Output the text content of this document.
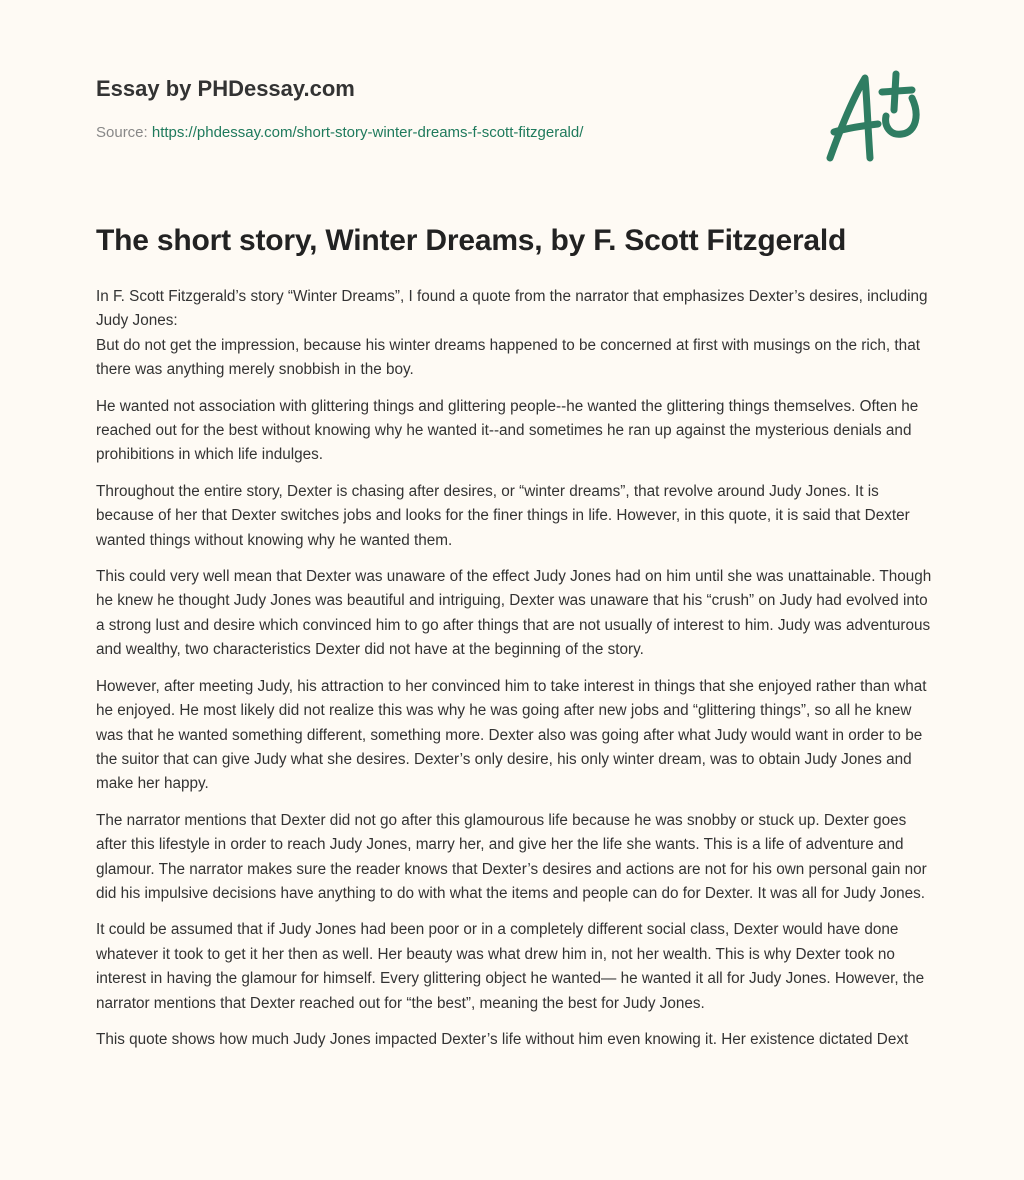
Essay by PHDessay.com
Source: https://phdessay.com/short-story-winter-dreams-f-scott-fitzgerald/
The short story, Winter Dreams, by F. Scott Fitzgerald

In F. Scott Fitzgerald’s story “Winter Dreams”, I found a quote from the narrator that emphasizes Dexter’s desires, including Judy Jones:

But do not get the impression, because his winter dreams happened to be concerned at first with musings on the rich, that there was anything merely snobbish in the boy.

He wanted not association with glittering things and glittering people--he wanted the glittering things themselves. Often he reached out for the best without knowing why he wanted it--and sometimes he ran up against the mysterious denials and prohibitions in which life indulges.

Throughout the entire story, Dexter is chasing after desires, or “winter dreams”, that revolve around Judy Jones. It is because of her that Dexter switches jobs and looks for the finer things in life. However, in this quote, it is said that Dexter wanted things without knowing why he wanted them.

This could very well mean that Dexter was unaware of the effect Judy Jones had on him until she was unattainable. Though he knew he thought Judy Jones was beautiful and intriguing, Dexter was unaware that his “crush” on Judy had evolved into a strong lust and desire which convinced him to go after things that are not usually of interest to him. Judy was adventurous and wealthy, two characteristics Dexter did not have at the beginning of the story.

However, after meeting Judy, his attraction to her convinced him to take interest in things that she enjoyed rather than what he enjoyed. He most likely did not realize this was why he was going after new jobs and “glittering things”, so all he knew was that he wanted something different, something more. Dexter also was going after what Judy would want in order to be the suitor that can give Judy what she desires. Dexter’s only desire, his only winter dream, was to obtain Judy Jones and make her happy.

The narrator mentions that Dexter did not go after this glamourous life because he was snobby or stuck up. Dexter goes after this lifestyle in order to reach Judy Jones, marry her, and give her the life she wants. This is a life of adventure and glamour. The narrator makes sure the reader knows that Dexter’s desires and actions are not for his own personal gain nor did his impulsive decisions have anything to do with what the items and people can do for Dexter. It was all for Judy Jones.

It could be assumed that if Judy Jones had been poor or in a completely different social class, Dexter would have done whatever it took to get it her then as well. Her beauty was what drew him in, not her wealth. This is why Dexter took no interest in having the glamour for himself. Every glittering object he wanted— he wanted it all for Judy Jones. However, the narrator mentions that Dexter reached out for “the best”, meaning the best for Judy Jones.

This quote shows how much Judy Jones impacted Dexter’s life without him even knowing it. Her existence dictated Dext
